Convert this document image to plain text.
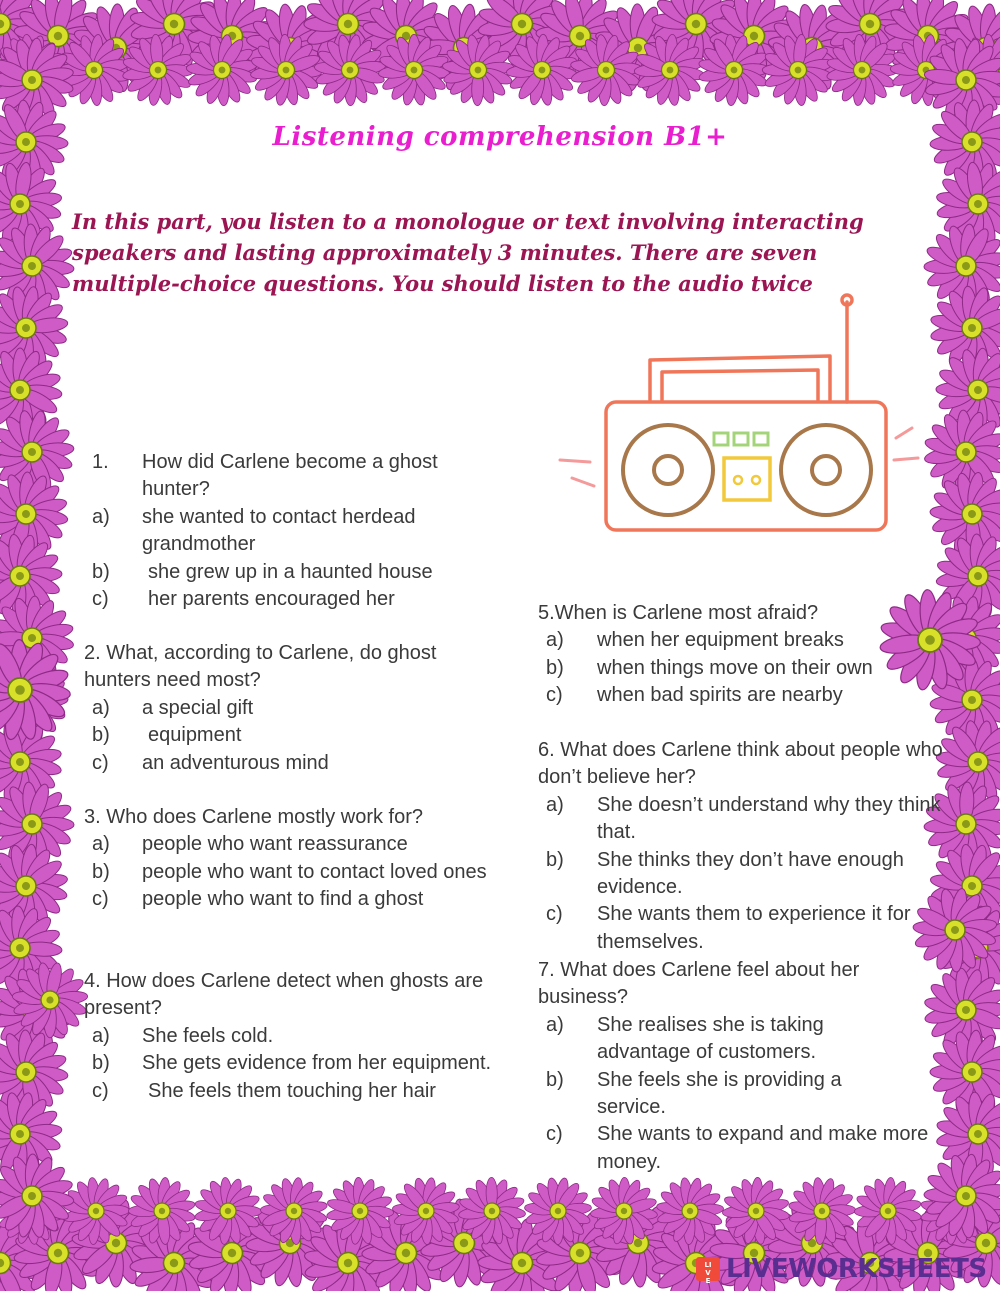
Listening comprehension B1+
In this part, you listen to a monologue or text involving interacting speakers and lasting approximately 3 minutes. There are seven multiple-choice questions. You should listen to the audio twice
1.	How did Carlene become a ghost hunter?
a)	she wanted to contact herdead grandmother
b)	she grew up in a haunted house
c)	her parents encouraged her
2. What, according to Carlene, do ghost hunters need most?
a)	a special gift
b)	equipment
c)	an adventurous mind
3. Who does Carlene mostly work for?
a)	people who want reassurance
b)	people who want to contact loved ones
c)	people who want to find a ghost
4. How does Carlene detect when ghosts are present?
a)	She feels cold.
b)	She gets evidence from her equipment.
c)	She feels them touching her hair
5.When is Carlene most afraid?
a)	when her equipment breaks
b)	when things move on their own
c)	when bad spirits are nearby
6. What does Carlene think about people who don’t believe her?
a)	She doesn’t understand why they think that.
b)	She thinks they don’t have enough evidence.
c)	She wants them to experience it for themselves.
7. What does Carlene feel about her business?
a)	She realises she is taking advantage of customers.
b)	She feels she is providing a service.
c)	She wants to expand and make more money.
LIVE LIVEWORKSHEETS
